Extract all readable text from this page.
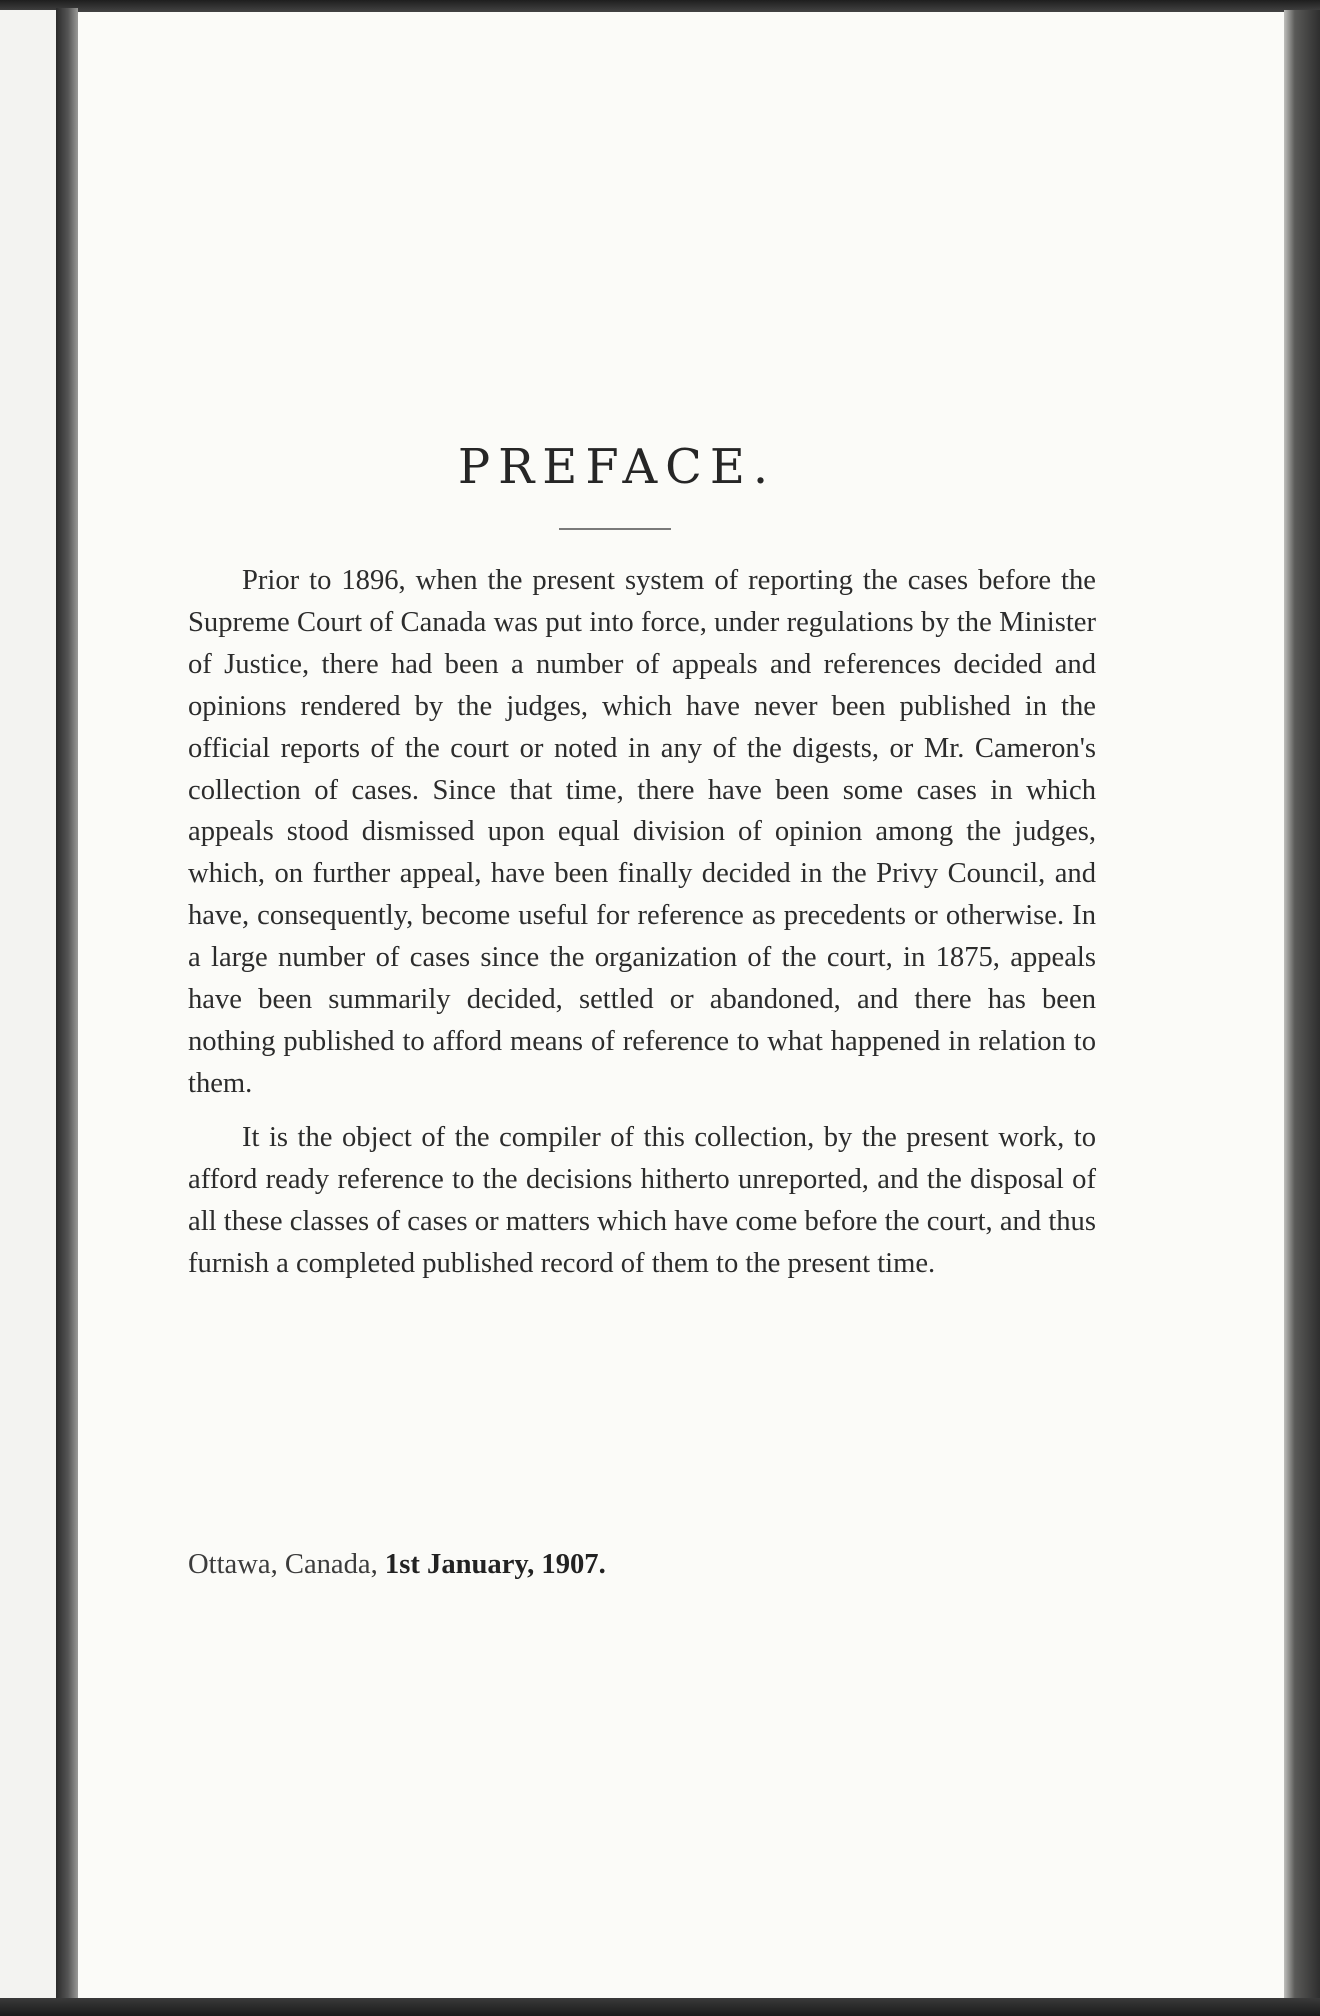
PREFACE.

Prior to 1896, when the present system of reporting the cases before the Supreme Court of Canada was put into force, under regulations by the Minister of Justice, there had been a number of appeals and references decided and opinions rendered by the judges, which have never been published in the official reports of the court or noted in any of the digests, or Mr. Cameron's collection of cases. Since that time, there have been some cases in which appeals stood dismissed upon equal division of opinion among the judges, which, on further appeal, have been finally decided in the Privy Council, and have, consequently, become useful for reference as precedents or otherwise. In a large number of cases since the organization of the court, in 1875, appeals have been summarily decided, settled or abandoned, and there has been nothing published to afford means of reference to what happened in relation to them.

It is the object of the compiler of this collection, by the present work, to afford ready reference to the decisions hitherto unreported, and the disposal of all these classes of cases or matters which have come before the court, and thus furnish a completed published record of them to the present time.

Ottawa, Canada, 1st January, 1907.
